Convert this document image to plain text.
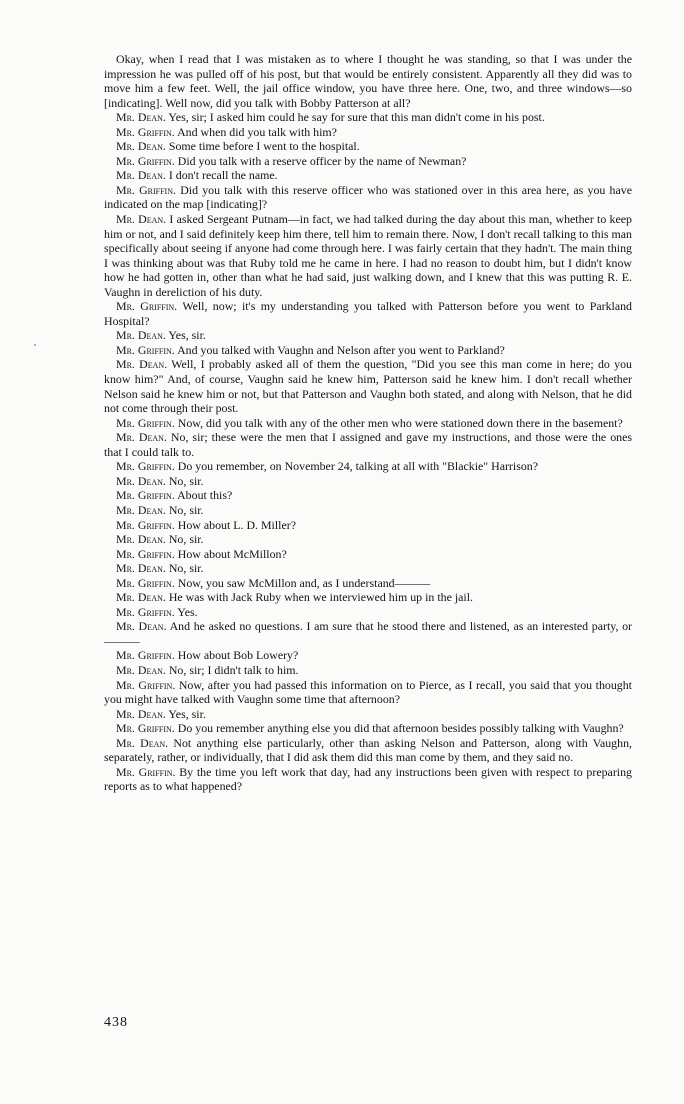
Okay, when I read that I was mistaken as to where I thought he was standing, so that I was under the impression he was pulled off of his post, but that would be entirely consistent. Apparently all they did was to move him a few feet. Well, the jail office window, you have three here. One, two, and three windows—so [indicating]. Well now, did you talk with Bobby Patterson at all?

Mr. Dean. Yes, sir; I asked him could he say for sure that this man didn't come in his post.

Mr. Griffin. And when did you talk with him?

Mr. Dean. Some time before I went to the hospital.

Mr. Griffin. Did you talk with a reserve officer by the name of Newman?

Mr. Dean. I don't recall the name.

Mr. Griffin. Did you talk with this reserve officer who was stationed over in this area here, as you have indicated on the map [indicating]?

Mr. Dean. I asked Sergeant Putnam—in fact, we had talked during the day about this man, whether to keep him or not, and I said definitely keep him there, tell him to remain there. Now, I don't recall talking to this man specifically about seeing if anyone had come through here. I was fairly certain that they hadn't. The main thing I was thinking about was that Ruby told me he came in here. I had no reason to doubt him, but I didn't know how he had gotten in, other than what he had said, just walking down, and I knew that this was putting R. E. Vaughn in dereliction of his duty.

Mr. Griffin. Well, now; it's my understanding you talked with Patterson before you went to Parkland Hospital?

Mr. Dean. Yes, sir.

Mr. Griffin. And you talked with Vaughn and Nelson after you went to Parkland?

Mr. Dean. Well, I probably asked all of them the question, "Did you see this man come in here; do you know him?" And, of course, Vaughn said he knew him, Patterson said he knew him. I don't recall whether Nelson said he knew him or not, but that Patterson and Vaughn both stated, and along with Nelson, that he did not come through their post.

Mr. Griffin. Now, did you talk with any of the other men who were stationed down there in the basement?

Mr. Dean. No, sir; these were the men that I assigned and gave my instructions, and those were the ones that I could talk to.

Mr. Griffin. Do you remember, on November 24, talking at all with "Blackie" Harrison?

Mr. Dean. No, sir.

Mr. Griffin. About this?

Mr. Dean. No, sir.

Mr. Griffin. How about L. D. Miller?

Mr. Dean. No, sir.

Mr. Griffin. How about McMillon?

Mr. Dean. No, sir.

Mr. Griffin. Now, you saw McMillon and, as I understand———

Mr. Dean. He was with Jack Ruby when we interviewed him up in the jail.

Mr. Griffin. Yes.

Mr. Dean. And he asked no questions. I am sure that he stood there and listened, as an interested party, or———

Mr. Griffin. How about Bob Lowery?

Mr. Dean. No, sir; I didn't talk to him.

Mr. Griffin. Now, after you had passed this information on to Pierce, as I recall, you said that you thought you might have talked with Vaughn some time that afternoon?

Mr. Dean. Yes, sir.

Mr. Griffin. Do you remember anything else you did that afternoon besides possibly talking with Vaughn?

Mr. Dean. Not anything else particularly, other than asking Nelson and Patterson, along with Vaughn, separately, rather, or individually, that I did ask them did this man come by them, and they said no.

Mr. Griffin. By the time you left work that day, had any instructions been given with respect to preparing reports as to what happened?

438
